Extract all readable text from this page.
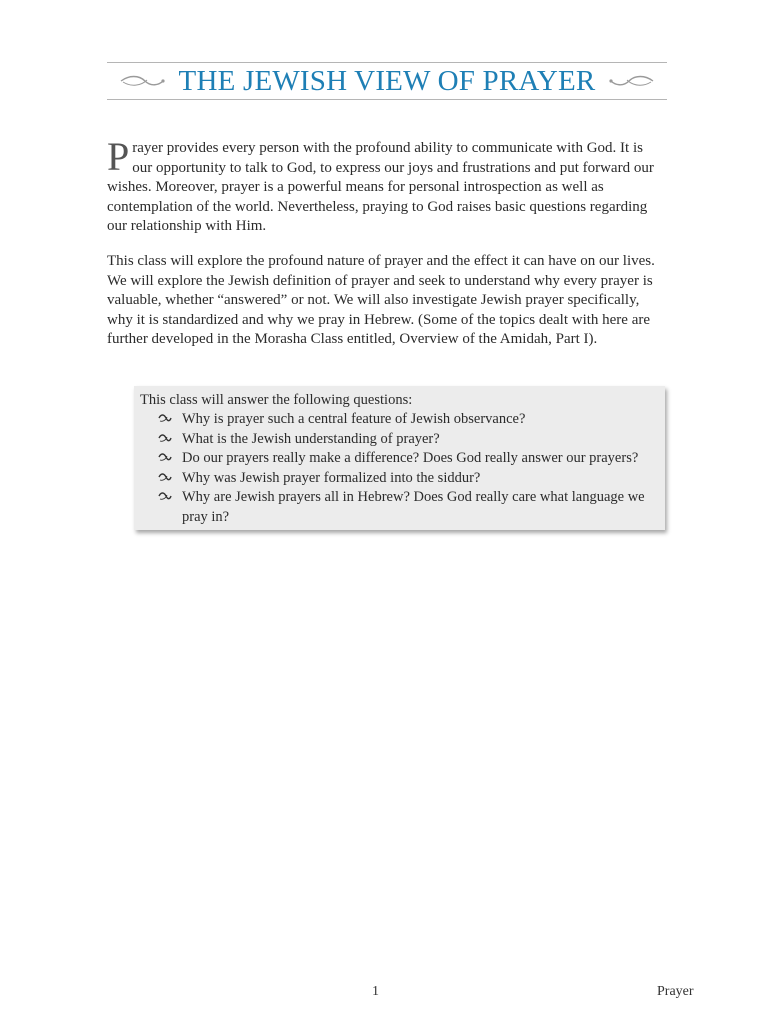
THE JEWISH VIEW OF PRAYER
P rayer provides every person with the profound ability to communicate with God. It is our opportunity to talk to God, to express our joys and frustrations and put forward our wishes. Moreover, prayer is a powerful means for personal introspection as well as contemplation of the world. Nevertheless, praying to God raises basic questions regarding our relationship with Him.

This class will explore the profound nature of prayer and the effect it can have on our lives. We will explore the Jewish definition of prayer and seek to understand why every prayer is valuable, whether “answered” or not. We will also investigate Jewish prayer specifically, why it is standardized and why we pray in Hebrew. (Some of the topics dealt with here are further developed in the Morasha Class entitled, Overview of the Amidah, Part I).

This class will answer the following questions:
Why is prayer such a central feature of Jewish observance?
What is the Jewish understanding of prayer?
Do our prayers really make a difference? Does God really answer our prayers?
Why was Jewish prayer formalized into the siddur?
Why are Jewish prayers all in Hebrew? Does God really care what language we pray in?
1	Prayer
